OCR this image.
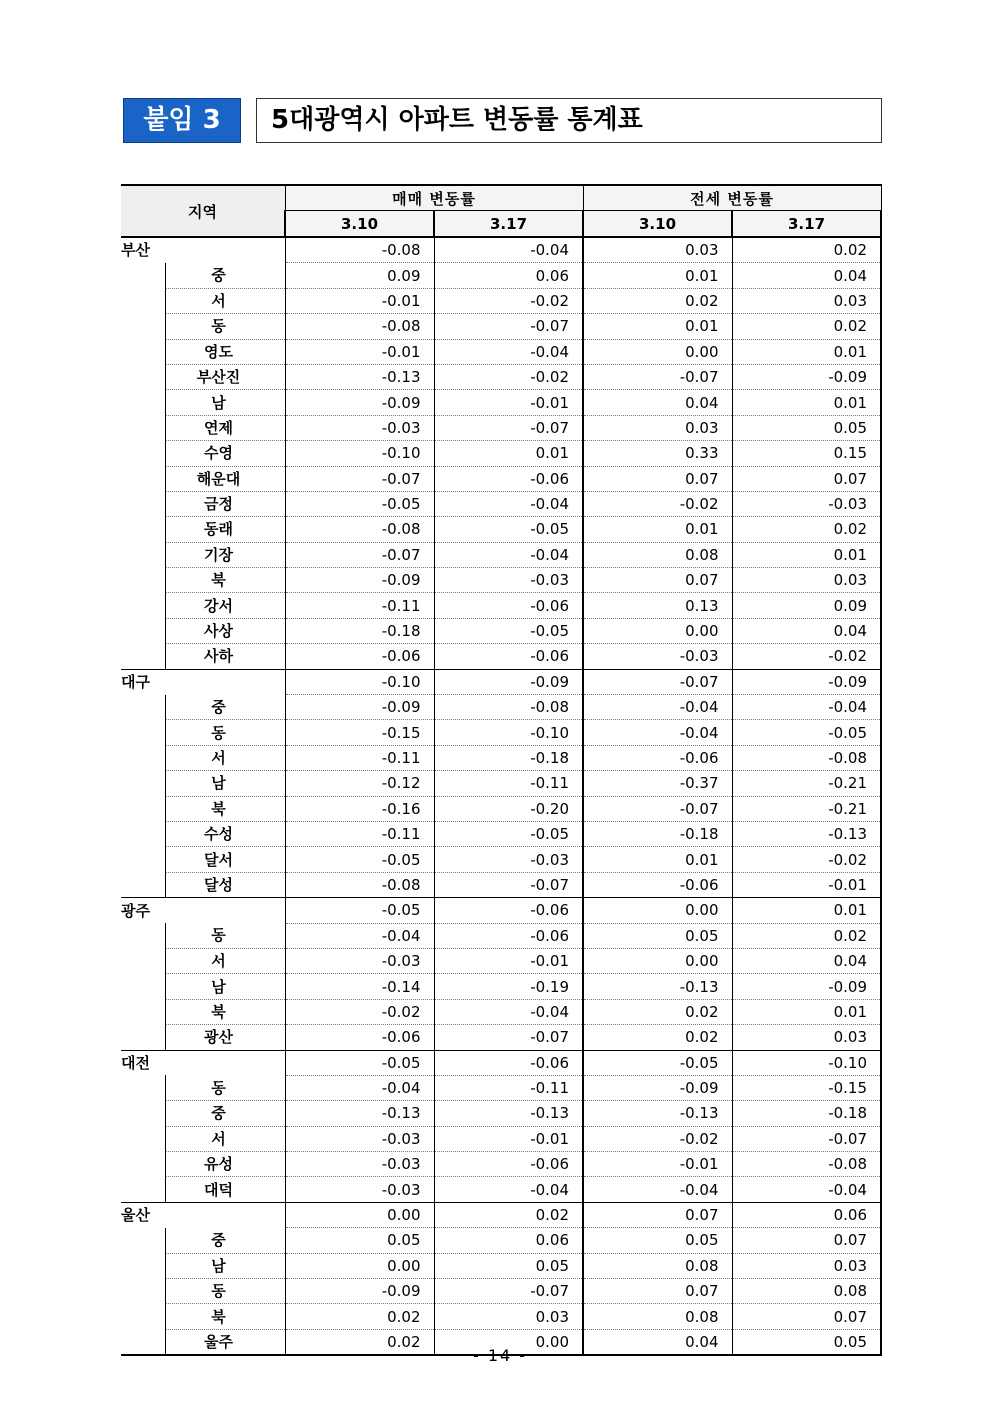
붙임 3	5대광역시 아파트 변동률 통계표
지역		매매 변동률		전세 변동률	
		3.10	3.17	3.10	3.17
부산		-0.08	-0.04	0.03	0.02
	중	0.09	0.06	0.01	0.04
	서	-0.01	-0.02	0.02	0.03
	동	-0.08	-0.07	0.01	0.02
	영도	-0.01	-0.04	0.00	0.01
	부산진	-0.13	-0.02	-0.07	-0.09
	남	-0.09	-0.01	0.04	0.01
	연제	-0.03	-0.07	0.03	0.05
	수영	-0.10	0.01	0.33	0.15
	해운대	-0.07	-0.06	0.07	0.07
	금정	-0.05	-0.04	-0.02	-0.03
	동래	-0.08	-0.05	0.01	0.02
	기장	-0.07	-0.04	0.08	0.01
	북	-0.09	-0.03	0.07	0.03
	강서	-0.11	-0.06	0.13	0.09
	사상	-0.18	-0.05	0.00	0.04
	사하	-0.06	-0.06	-0.03	-0.02
대구		-0.10	-0.09	-0.07	-0.09
	중	-0.09	-0.08	-0.04	-0.04
	동	-0.15	-0.10	-0.04	-0.05
	서	-0.11	-0.18	-0.06	-0.08
	남	-0.12	-0.11	-0.37	-0.21
	북	-0.16	-0.20	-0.07	-0.21
	수성	-0.11	-0.05	-0.18	-0.13
	달서	-0.05	-0.03	0.01	-0.02
	달성	-0.08	-0.07	-0.06	-0.01
광주		-0.05	-0.06	0.00	0.01
	동	-0.04	-0.06	0.05	0.02
	서	-0.03	-0.01	0.00	0.04
	남	-0.14	-0.19	-0.13	-0.09
	북	-0.02	-0.04	0.02	0.01
	광산	-0.06	-0.07	0.02	0.03
대전		-0.05	-0.06	-0.05	-0.10
	동	-0.04	-0.11	-0.09	-0.15
	중	-0.13	-0.13	-0.13	-0.18
	서	-0.03	-0.01	-0.02	-0.07
	유성	-0.03	-0.06	-0.01	-0.08
	대덕	-0.03	-0.04	-0.04	-0.04
울산		0.00	0.02	0.07	0.06
	중	0.05	0.06	0.05	0.07
	남	0.00	0.05	0.08	0.03
	동	-0.09	-0.07	0.07	0.08
	북	0.02	0.03	0.08	0.07
	울주	0.02	0.00	0.04	0.05
- 14 -
